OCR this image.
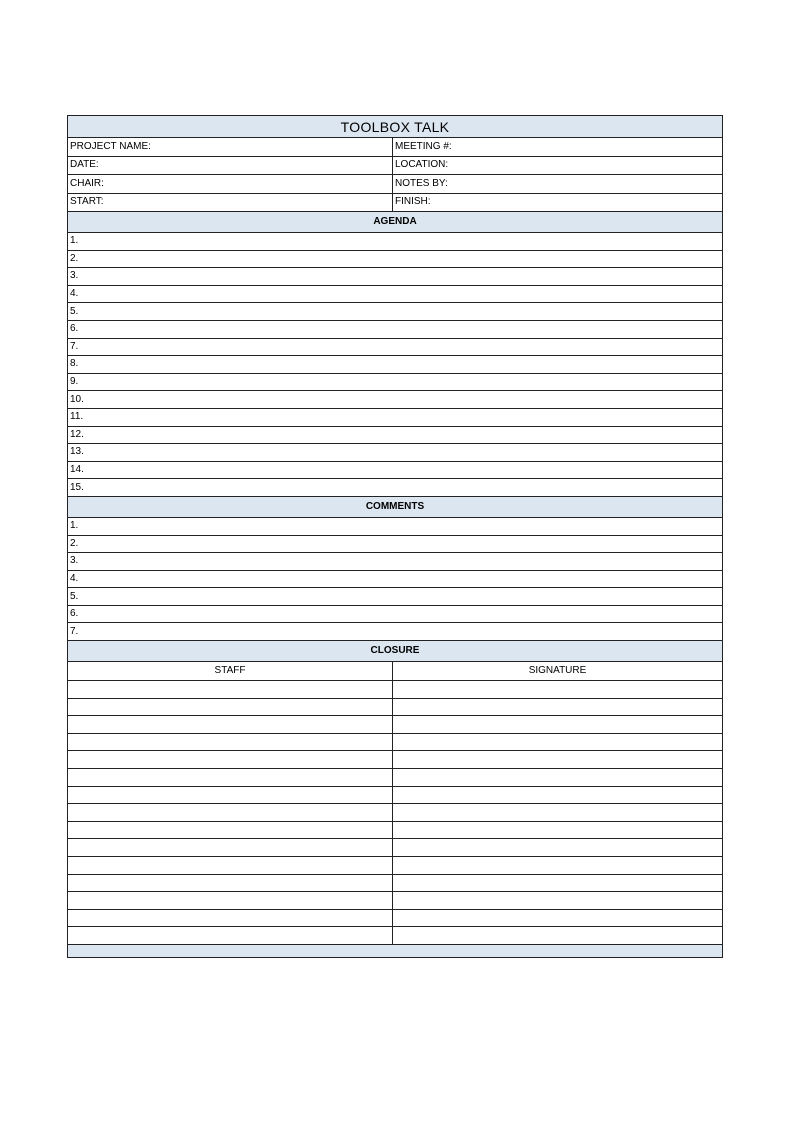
TOOLBOX TALK	
PROJECT NAME:	MEETING #:
DATE:	LOCATION:
CHAIR:	NOTES BY:
START:	FINISH:
AGENDA	
1.	
2.	
3.	
4.	
5.	
6.	
7.	
8.	
9.	
10.	
11.	
12.	
13.	
14.	
15.	
COMMENTS	
1.	
2.	
3.	
4.	
5.	
6.	
7.	
CLOSURE	
STAFF	SIGNATURE
